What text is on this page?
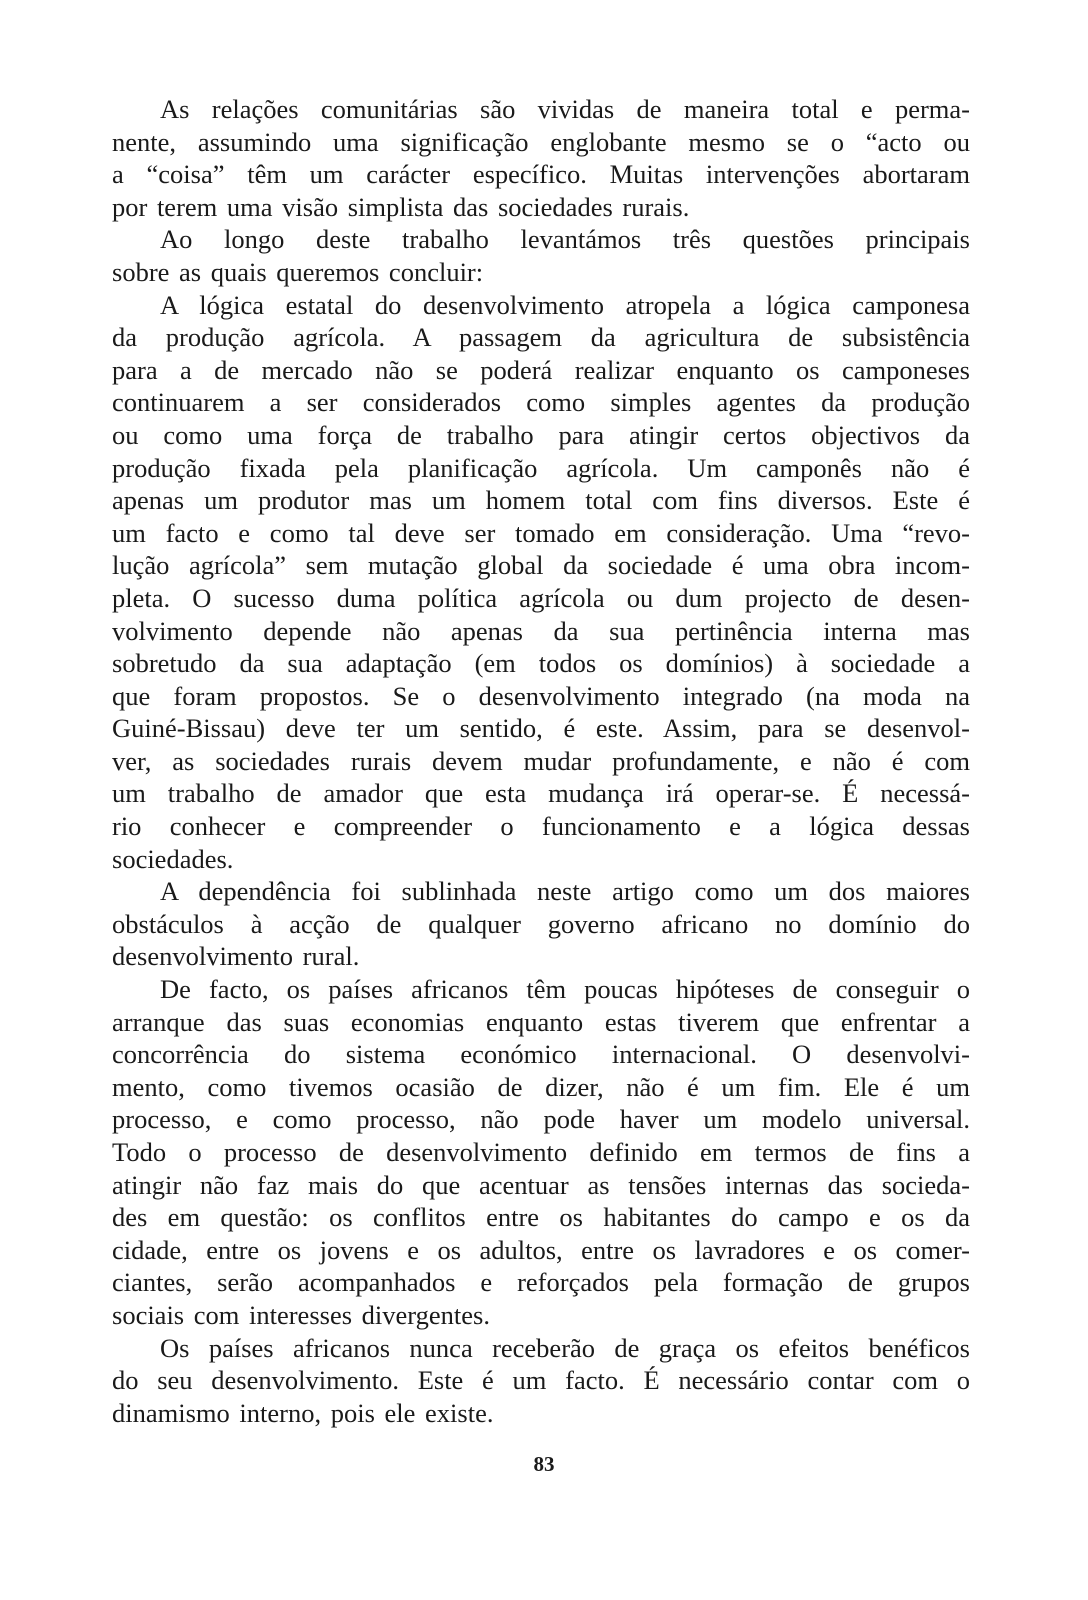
As relações comunitárias são vividas de maneira total e perma-
nente, assumindo uma significação englobante mesmo se o “acto ou
a “coisa” têm um carácter específico. Muitas intervenções abortaram
por terem uma visão simplista das sociedades rurais.
Ao longo deste trabalho levantámos três questões principais
sobre as quais queremos concluir:
A lógica estatal do desenvolvimento atropela a lógica camponesa
da produção agrícola. A passagem da agricultura de subsistência
para a de mercado não se poderá realizar enquanto os camponeses
continuarem a ser considerados como simples agentes da produção
ou como uma força de trabalho para atingir certos objectivos da
produção fixada pela planificação agrícola. Um camponês não é
apenas um produtor mas um homem total com fins diversos. Este é
um facto e como tal deve ser tomado em consideração. Uma “revo-
lução agrícola” sem mutação global da sociedade é uma obra incom-
pleta. O sucesso duma política agrícola ou dum projecto de desen-
volvimento depende não apenas da sua pertinência interna mas
sobretudo da sua adaptação (em todos os domínios) à sociedade a
que foram propostos. Se o desenvolvimento integrado (na moda na
Guiné-Bissau) deve ter um sentido, é este. Assim, para se desenvol-
ver, as sociedades rurais devem mudar profundamente, e não é com
um trabalho de amador que esta mudança irá operar-se. É necessá-
rio conhecer e compreender o funcionamento e a lógica dessas
sociedades.
A dependência foi sublinhada neste artigo como um dos maiores
obstáculos à acção de qualquer governo africano no domínio do
desenvolvimento rural.
De facto, os países africanos têm poucas hipóteses de conseguir o
arranque das suas economias enquanto estas tiverem que enfrentar a
concorrência do sistema económico internacional. O desenvolvi-
mento, como tivemos ocasião de dizer, não é um fim. Ele é um
processo, e como processo, não pode haver um modelo universal.
Todo o processo de desenvolvimento definido em termos de fins a
atingir não faz mais do que acentuar as tensões internas das socieda-
des em questão: os conflitos entre os habitantes do campo e os da
cidade, entre os jovens e os adultos, entre os lavradores e os comer-
ciantes, serão acompanhados e reforçados pela formação de grupos
sociais com interesses divergentes.
Os países africanos nunca receberão de graça os efeitos benéficos
do seu desenvolvimento. Este é um facto. É necessário contar com o
dinamismo interno, pois ele existe.
83
